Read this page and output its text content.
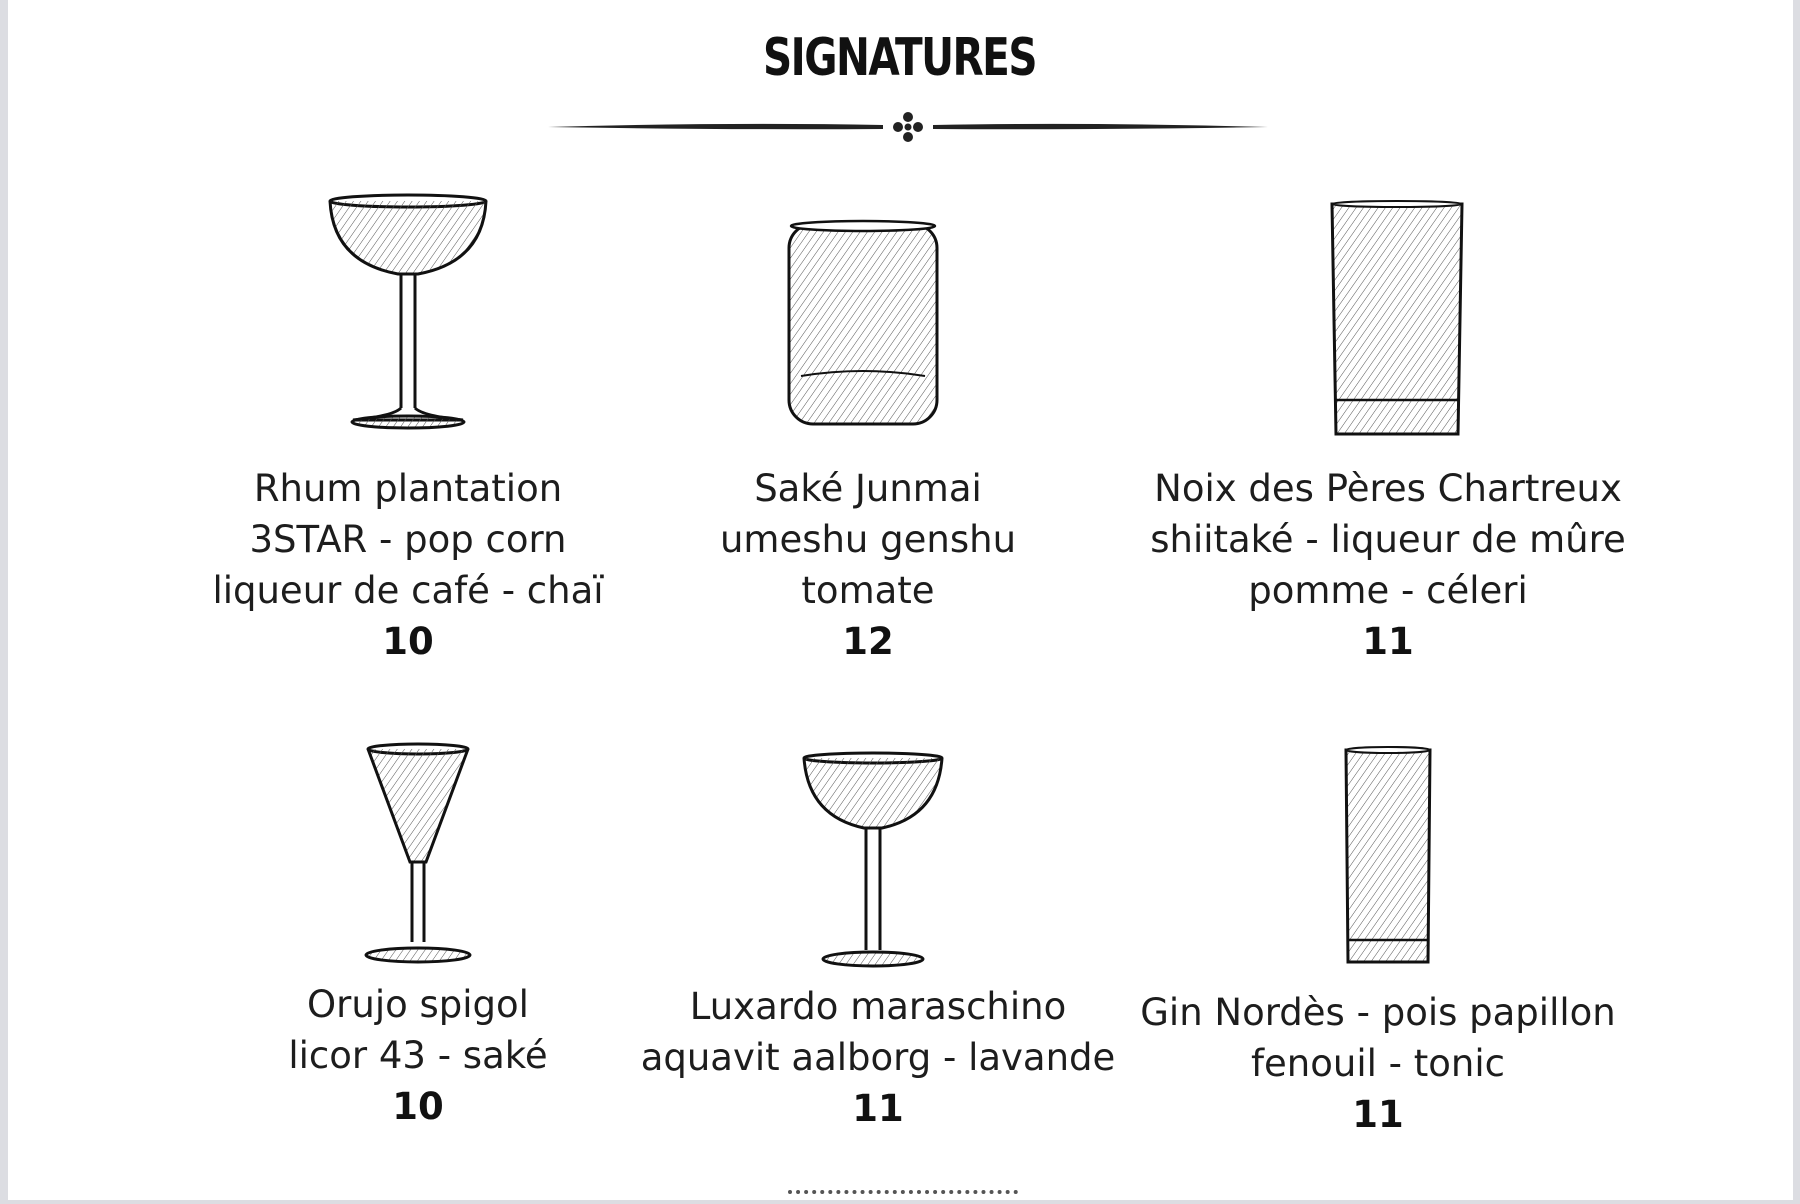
SIGNATURES
Rhum plantation
3STAR - pop corn
liqueur de café - chaï
10
Saké Junmai
umeshu genshu
tomate
12
Noix des Pères Chartreux
shiitaké - liqueur de mûre
pomme - céleri
11
Orujo spigol
licor 43 - saké
10
Luxardo maraschino
aquavit aalborg - lavande
11
Gin Nordès - pois papillon
fenouil - tonic
11
